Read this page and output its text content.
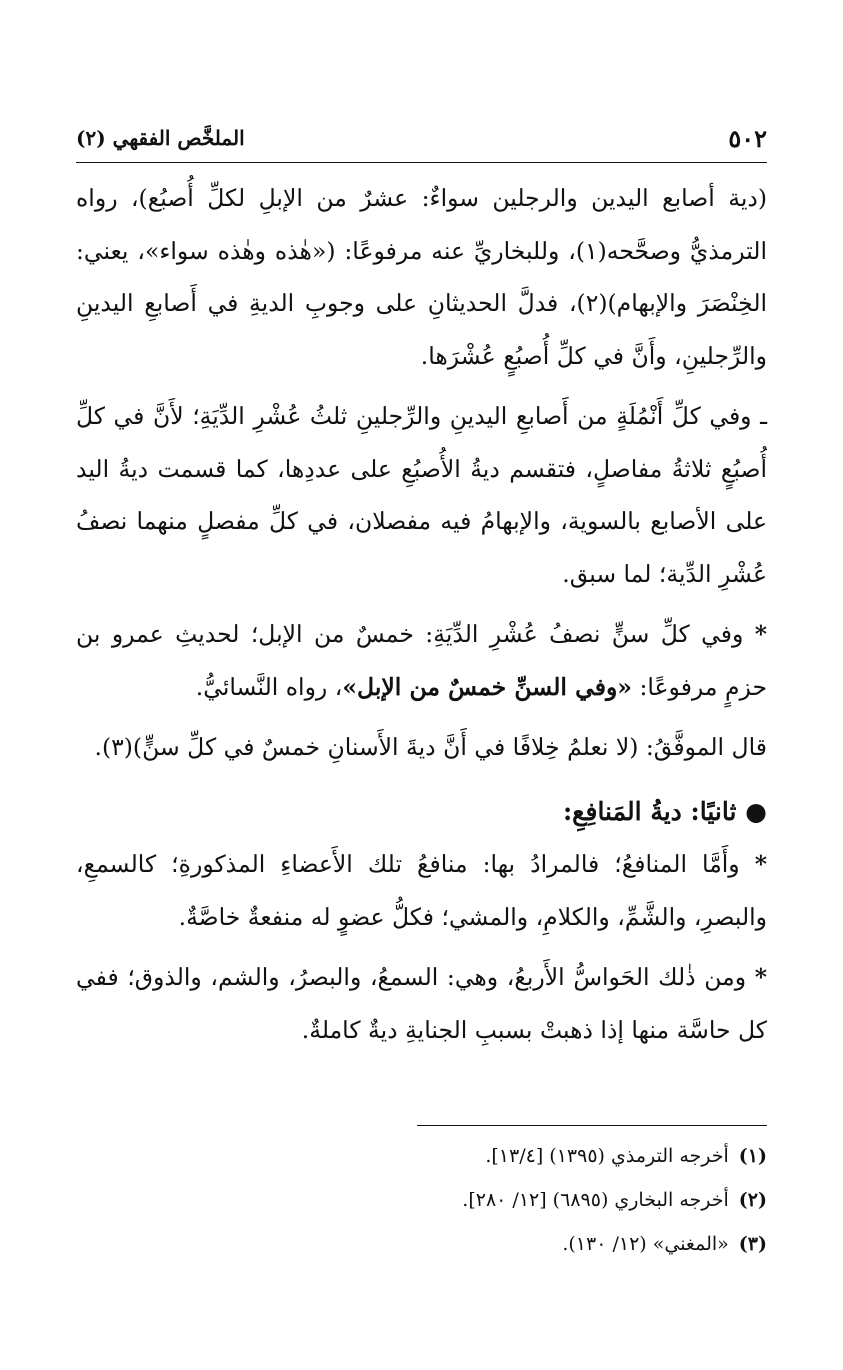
٥٠٢
الملخَّص الفقهي (٢)

(دية أصابع اليدين والرجلين سواءٌ: عشرٌ من الإبلِ لكلِّ أُصبُع)، رواه الترمذيُّ وصحَّحه(١)، وللبخاريِّ عنه مرفوعًا: («هٰذه وهٰذه سواء»، يعني: الخِنْصَرَ والإبهام)(٢)، فدلَّ الحديثانِ على وجوبِ الديةِ في أَصابعِ اليدينِ والرِّجلينِ، وأَنَّ في كلِّ أُصبُعٍ عُشْرَها.

ـ وفي كلِّ أَنْمُلَةٍ من أَصابعِ اليدينِ والرِّجلينِ ثلثُ عُشْرِ الدِّيَةِ؛ لأَنَّ في كلِّ أُصبُعٍ ثلاثةُ مفاصلٍ، فتقسم ديةُ الأُصبُعِ على عددِها، كما قسمت ديةُ اليد على الأصابع بالسوية، والإبهامُ فيه مفصلان، في كلِّ مفصلٍ منهما نصفُ عُشْرِ الدِّية؛ لما سبق.

* وفي كلِّ سنٍّ نصفُ عُشْرِ الدِّيَةِ: خمسٌ من الإبل؛ لحديثِ عمرو بن حزمٍ مرفوعًا: «وفي السنِّ خمسٌ من الإبل»، رواه النَّسائيُّ.

قال الموفَّقُ: (لا نعلمُ خِلافًا في أَنَّ ديةَ الأَسنانِ خمسٌ في كلِّ سنٍّ)(٣).

● ثانيًا: ديةُ المَنافِعِ:

* وأَمَّا المنافعُ؛ فالمرادُ بها: منافعُ تلك الأَعضاءِ المذكورةِ؛ كالسمعِ، والبصرِ، والشَّمِّ، والكلامِ، والمشي؛ فكلُّ عضوٍ له منفعةٌ خاصَّةٌ.

* ومن ذٰلك الحَواسُّ الأَربعُ، وهي: السمعُ، والبصرُ، والشم، والذوق؛ ففي كل حاسَّة منها إذا ذهبتْ بسببِ الجنايةِ ديةٌ كاملةٌ.

(١)أخرجه الترمذي (١٣٩٥) [١٣/٤].

(٢)أخرجه البخاري (٦٨٩٥) [١٢/ ٢٨٠].

(٣)«المغني» (١٢/ ١٣٠).
